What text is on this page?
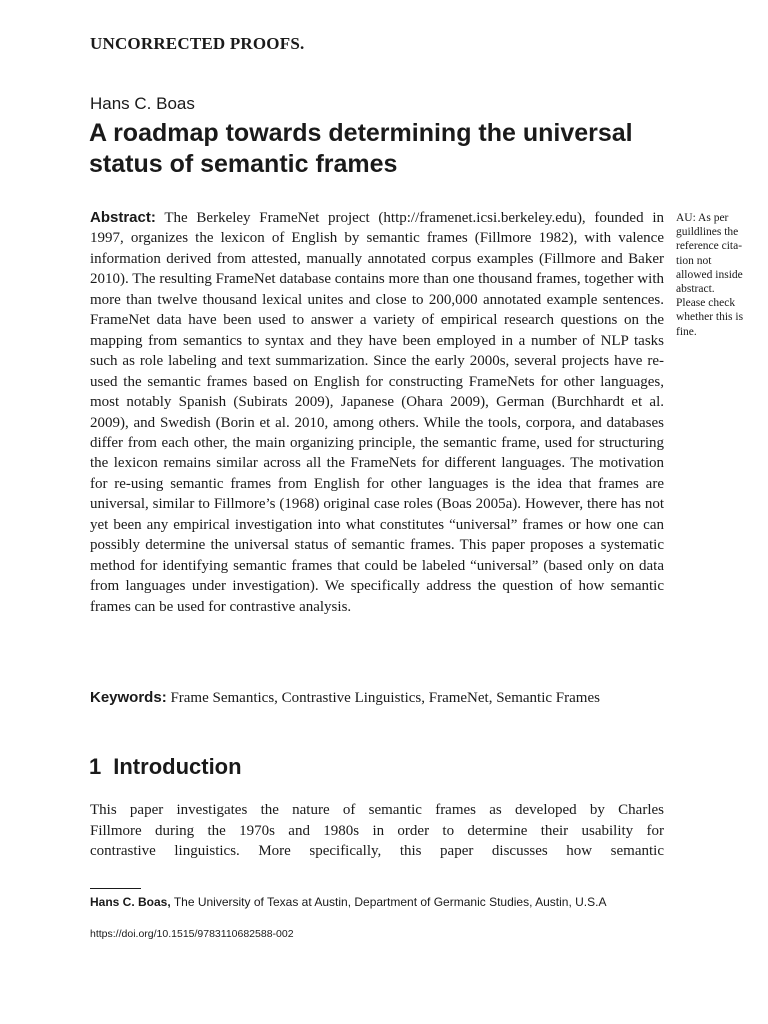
UNCORRECTED PROOFS.
Hans C. Boas
A roadmap towards determining the universal status of semantic frames

Abstract: The Berkeley FrameNet project (http://framenet.icsi.berkeley.edu), founded in 1997, organizes the lexicon of English by semantic frames (Fillmore 1982), with valence information derived from attested, manually annotated corpus examples (Fillmore and Baker 2010). The resulting FrameNet database contains more than one thousand frames, together with more than twelve thousand lexical unites and close to 200,000 annotated example sentences. FrameNet data have been used to answer a variety of empirical research questions on the mapping from semantics to syntax and they have been employed in a number of NLP tasks such as role labeling and text summarization. Since the early 2000s, several projects have re-used the semantic frames based on English for constructing FrameNets for other languages, most notably Spanish (Subirats 2009), Japanese (Ohara 2009), German (Burchhardt et al. 2009), and Swedish (Borin et al. 2010, among others. While the tools, corpora, and databases differ from each other, the main organizing principle, the semantic frame, used for structuring the lexicon remains similar across all the FrameNets for different languages. The motivation for re-using semantic frames from English for other languages is the idea that frames are universal, similar to Fillmore’s (1968) original case roles (Boas 2005a). However, there has not yet been any empirical investigation into what constitutes “universal” frames or how one can possibly determine the universal status of semantic frames. This paper proposes a systematic method for identifying semantic frames that could be labeled “universal” (based only on data from languages under investigation). We specifically address the question of how semantic frames can be used for contrastive analysis.

AU: As per guildlines the reference citation not allowed inside abstract. Please check whether this is fine.

Keywords: Frame Semantics, Contrastive Linguistics, FrameNet, Semantic Frames

1 Introduction

This paper investigates the nature of semantic frames as developed by Charles
Fillmore during the 1970s and 1980s in order to determine their usability for
contrastive linguistics. More specifically, this paper discusses how semantic

Hans C. Boas, The University of Texas at Austin, Department of Germanic Studies, Austin, U.S.A

https://doi.org/10.1515/9783110682588-002
